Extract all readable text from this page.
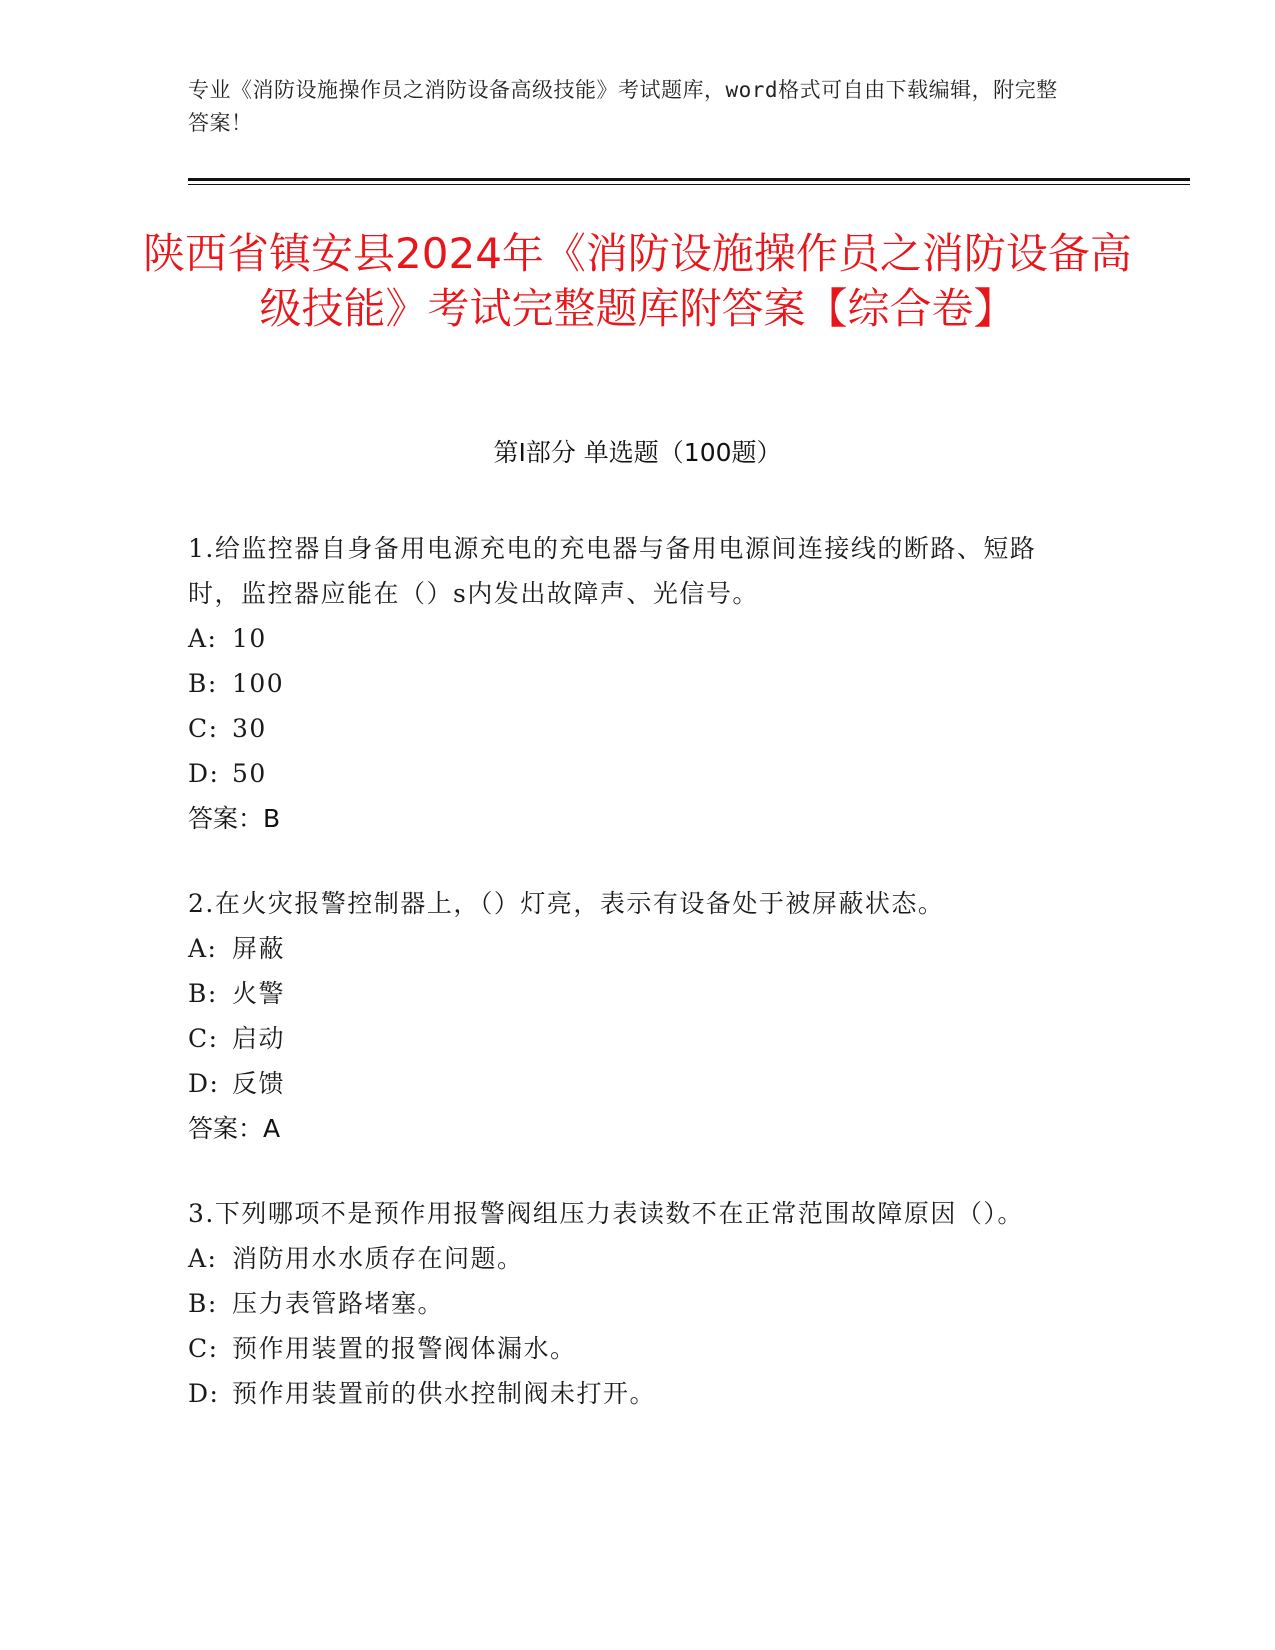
专业《消防设施操作员之消防设备高级技能》考试题库，word格式可自由下载编辑，附完整答案！
陕西省镇安县2024年《消防设施操作员之消防设备高级技能》考试完整题库附答案【综合卷】
第I部分 单选题（100题）
1.给监控器自身备用电源充电的充电器与备用电源间连接线的断路、短路时，监控器应能在（）s内发出故障声、光信号。
A: 10
B: 100
C: 30
D: 50
答案：B
2.在火灾报警控制器上，（）灯亮，表示有设备处于被屏蔽状态。
A: 屏蔽
B: 火警
C: 启动
D: 反馈
答案：A
3.下列哪项不是预作用报警阀组压力表读数不在正常范围故障原因（）。
A: 消防用水水质存在问题。
B: 压力表管路堵塞。
C: 预作用装置的报警阀体漏水。
D: 预作用装置前的供水控制阀未打开。
